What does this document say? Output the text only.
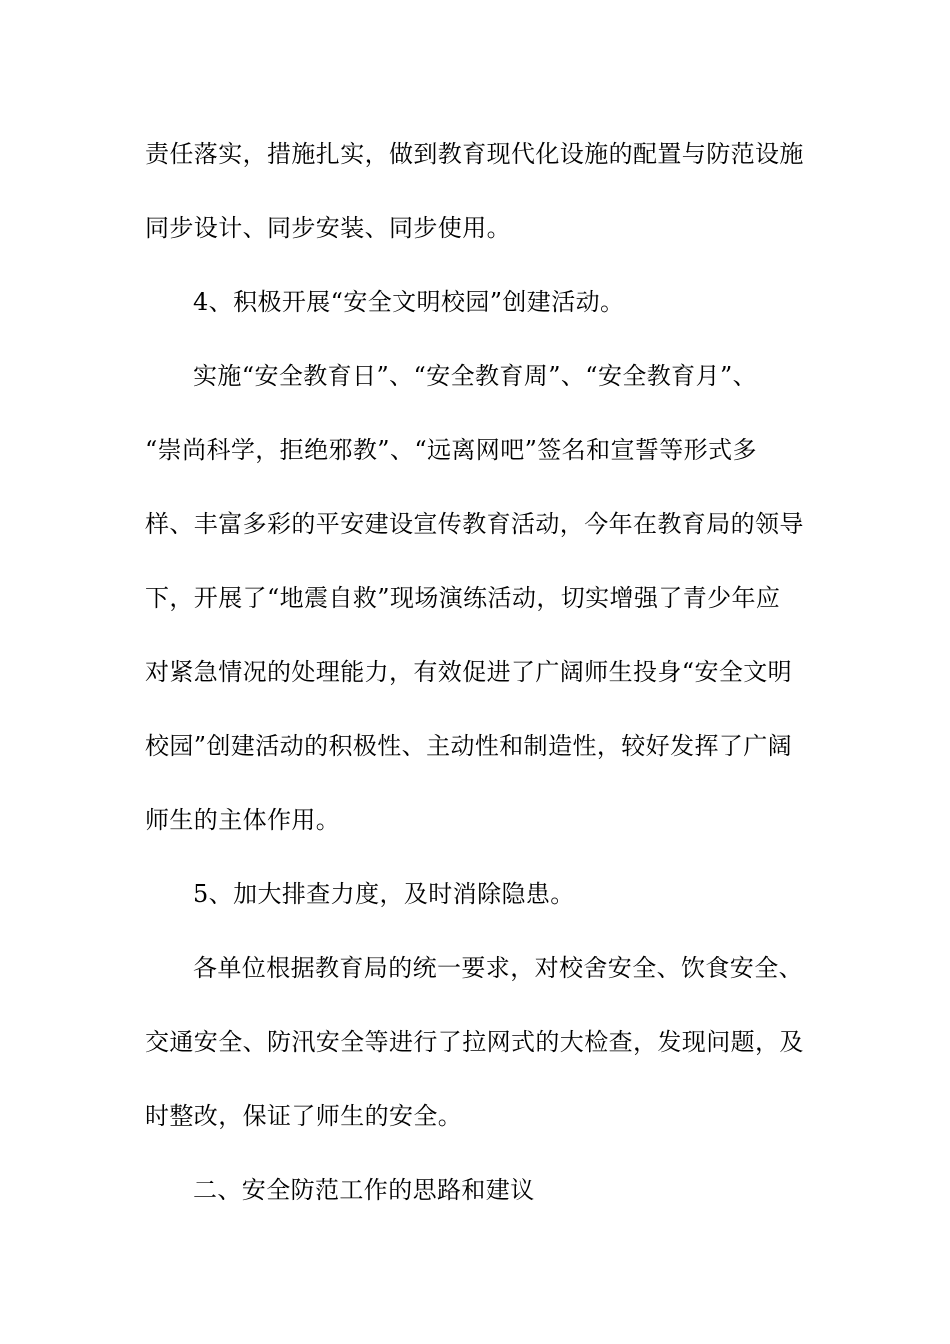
责任落实，措施扎实，做到教育现代化设施的配置与防范设施

同步设计、同步安装、同步使用。

4、积极开展“安全文明校园”创建活动。

实施“安全教育日”、“安全教育周”、“安全教育月”、

“崇尚科学，拒绝邪教”、“远离网吧”签名和宣誓等形式多

样、丰富多彩的平安建设宣传教育活动，今年在教育局的领导

下，开展了“地震自救”现场演练活动，切实增强了青少年应

对紧急情况的处理能力，有效促进了广阔师生投身“安全文明

校园”创建活动的积极性、主动性和制造性，较好发挥了广阔

师生的主体作用。

5、加大排查力度，及时消除隐患。

各单位根据教育局的统一要求，对校舍安全、饮食安全、

交通安全、防汛安全等进行了拉网式的大检查，发现问题，及

时整改，保证了师生的安全。

二、安全防范工作的思路和建议
